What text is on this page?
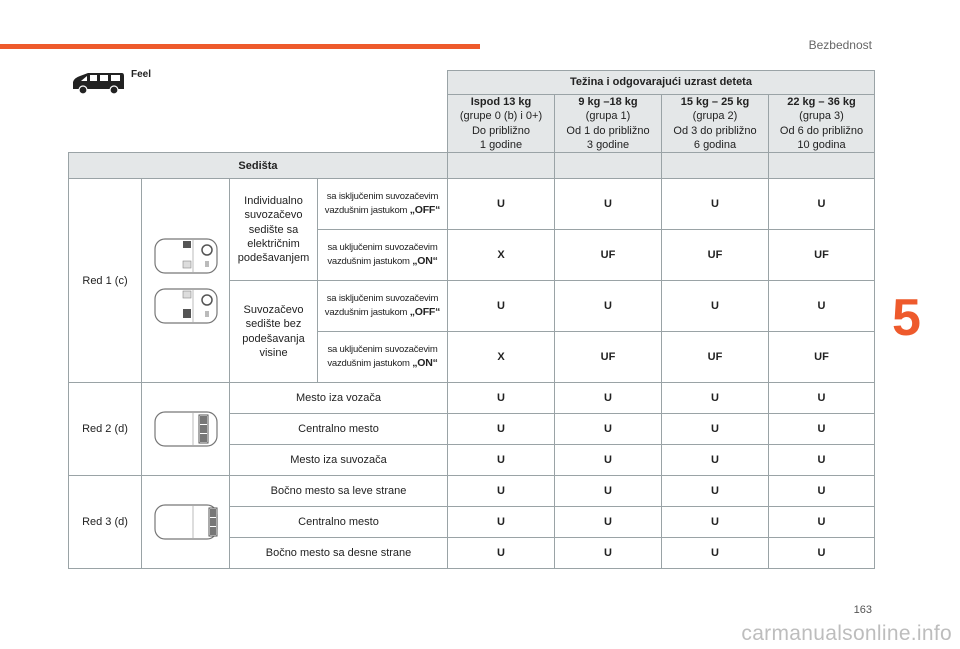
Bezbednost
5
163
carmanualsonline.info
				Težina i odgovarajući uzrast deteta			
				Ispod 13 kg
(grupe 0 (b) i 0+)
Do približno
1 godine	9 kg –18 kg
(grupa 1)
Od 1 do približno
3 godine	15 kg – 25 kg
(grupa 2)
Od 3 do približno
6 godina	22 kg – 36 kg
(grupa 3)
Od 6 do približno
10 godina
Sedišta							
Red 1 (c)		Individualno suvozačevo sedište sa električnim podešavanjem	sa isključenim suvozačevim vazdušnim jastukom „OFF“	U	U	U	U
			sa uključenim suvozačevim vazdušnim jastukom „ON“	X	UF	UF	UF
		Suvozačevo sedište bez podešavanja visine	sa isključenim suvozačevim vazdušnim jastukom „OFF“	U	U	U	U
			sa uključenim suvozačevim vazdušnim jastukom „ON“	X	UF	UF	UF
Red 2 (d)		Mesto iza vozača		U	U	U	U
		Centralno mesto		U	U	U	U
		Mesto iza suvozača		U	U	U	U
Red 3 (d)		Bočno mesto sa leve strane		U	U	U	U
		Centralno mesto		U	U	U	U
		Bočno mesto sa desne strane		U	U	U	U
Feel
